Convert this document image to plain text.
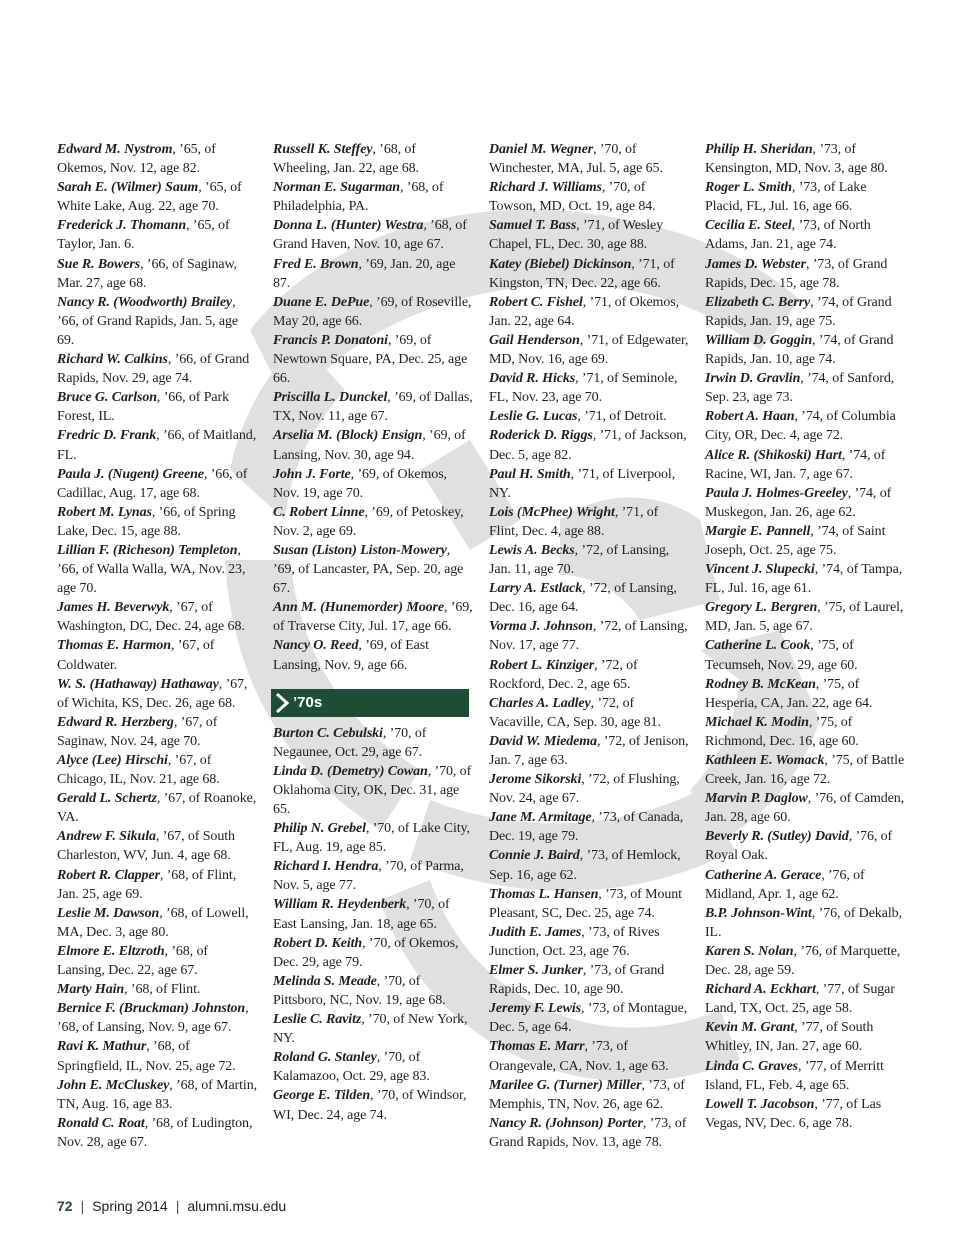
Edward M. Nystrom, ’65, of Okemos, Nov. 12, age 82.
Sarah E. (Wilmer) Saum, ’65, of White Lake, Aug. 22, age 70.
Frederick J. Thomann, ’65, of Taylor, Jan. 6.
Sue R. Bowers, ’66, of Saginaw, Mar. 27, age 68.
Nancy R. (Woodworth) Brailey, ’66, of Grand Rapids, Jan. 5, age 69.
Richard W. Calkins, ’66, of Grand Rapids, Nov. 29, age 74.
Bruce G. Carlson, ’66, of Park Forest, IL.
Fredric D. Frank, ’66, of Maitland, FL.
Paula J. (Nugent) Greene, ’66, of Cadillac, Aug. 17, age 68.
Robert M. Lynas, ’66, of Spring Lake, Dec. 15, age 88.
Lillian F. (Richeson) Templeton, ’66, of Walla Walla, WA, Nov. 23, age 70.
James H. Beverwyk, ’67, of Washington, DC, Dec. 24, age 68.
Thomas E. Harmon, ’67, of Coldwater.
W. S. (Hathaway) Hathaway, ’67, of Wichita, KS, Dec. 26, age 68.
Edward R. Herzberg, ’67, of Saginaw, Nov. 24, age 70.
Alyce (Lee) Hirschi, ’67, of Chicago, IL, Nov. 21, age 68.
Gerald L. Schertz, ’67, of Roanoke, VA.
Andrew F. Sikula, ’67, of South Charleston, WV, Jun. 4, age 68.
Robert R. Clapper, ’68, of Flint, Jan. 25, age 69.
Leslie M. Dawson, ’68, of Lowell, MA, Dec. 3, age 80.
Elmore E. Eltzroth, ’68, of Lansing, Dec. 22, age 67.
Marty Hain, ’68, of Flint.
Bernice F. (Bruckman) Johnston, ’68, of Lansing, Nov. 9, age 67.
Ravi K. Mathur, ’68, of Springfield, IL, Nov. 25, age 72.
John E. McCluskey, ’68, of Martin, TN, Aug. 16, age 83.
Ronald C. Roat, ’68, of Ludington, Nov. 28, age 67.
Russell K. Steffey, ’68, of Wheeling, Jan. 22, age 68.
Norman E. Sugarman, ’68, of Philadelphia, PA.
Donna L. (Hunter) Westra, ’68, of Grand Haven, Nov. 10, age 67.
Fred E. Brown, ’69, Jan. 20, age 87.
Duane E. DePue, ’69, of Roseville, May 20, age 66.
Francis P. Donatoni, ’69, of Newtown Square, PA, Dec. 25, age 66.
Priscilla L. Dunckel, ’69, of Dallas, TX, Nov. 11, age 67.
Arselia M. (Block) Ensign, ’69, of Lansing, Nov. 30, age 94.
John J. Forte, ’69, of Okemos, Nov. 19, age 70.
C. Robert Linne, ’69, of Petoskey, Nov. 2, age 69.
Susan (Liston) Liston-Mowery, ’69, of Lancaster, PA, Sep. 20, age 67.
Ann M. (Hunemorder) Moore, ’69, of Traverse City, Jul. 17, age 66.
Nancy O. Reed, ’69, of East Lansing, Nov. 9, age 66.
’70s
Burton C. Cebulski, ’70, of Negaunee, Oct. 29, age 67.
Linda D. (Demetry) Cowan, ’70, of Oklahoma City, OK, Dec. 31, age 65.
Philip N. Grebel, ’70, of Lake City, FL, Aug. 19, age 85.
Richard I. Hendra, ’70, of Parma, Nov. 5, age 77.
William R. Heydenberk, ’70, of East Lansing, Jan. 18, age 65.
Robert D. Keith, ’70, of Okemos, Dec. 29, age 79.
Melinda S. Meade, ’70, of Pittsboro, NC, Nov. 19, age 68.
Leslie C. Ravitz, ’70, of New York, NY.
Roland G. Stanley, ’70, of Kalamazoo, Oct. 29, age 83.
George E. Tilden, ’70, of Windsor, WI, Dec. 24, age 74.
Daniel M. Wegner, ’70, of Winchester, MA, Jul. 5, age 65.
Richard J. Williams, ’70, of Towson, MD, Oct. 19, age 84.
Samuel T. Bass, ’71, of Wesley Chapel, FL, Dec. 30, age 88.
Katey (Biebel) Dickinson, ’71, of Kingston, TN, Dec. 22, age 66.
Robert C. Fishel, ’71, of Okemos, Jan. 22, age 64.
Gail Henderson, ’71, of Edgewater, MD, Nov. 16, age 69.
David R. Hicks, ’71, of Seminole, FL, Nov. 23, age 70.
Leslie G. Lucas, ’71, of Detroit.
Roderick D. Riggs, ’71, of Jackson, Dec. 5, age 82.
Paul H. Smith, ’71, of Liverpool, NY.
Lois (McPhee) Wright, ’71, of Flint, Dec. 4, age 88.
Lewis A. Becks, ’72, of Lansing, Jan. 11, age 70.
Larry A. Estlack, ’72, of Lansing, Dec. 16, age 64.
Vorma J. Johnson, ’72, of Lansing, Nov. 17, age 77.
Robert L. Kinziger, ’72, of Rockford, Dec. 2, age 65.
Charles A. Ladley, ’72, of Vacaville, CA, Sep. 30, age 81.
David W. Miedema, ’72, of Jenison, Jan. 7, age 63.
Jerome Sikorski, ’72, of Flushing, Nov. 24, age 67.
Jane M. Armitage, ’73, of Canada, Dec. 19, age 79.
Connie J. Baird, ’73, of Hemlock, Sep. 16, age 62.
Thomas L. Hansen, ’73, of Mount Pleasant, SC, Dec. 25, age 74.
Judith E. James, ’73, of Rives Junction, Oct. 23, age 76.
Elmer S. Junker, ’73, of Grand Rapids, Dec. 10, age 90.
Jeremy F. Lewis, ’73, of Montague, Dec. 5, age 64.
Thomas E. Marr, ’73, of Orangevale, CA, Nov. 1, age 63.
Marilee G. (Turner) Miller, ’73, of Memphis, TN, Nov. 26, age 62.
Nancy R. (Johnson) Porter, ’73, of Grand Rapids, Nov. 13, age 78.
Philip H. Sheridan, ’73, of Kensington, MD, Nov. 3, age 80.
Roger L. Smith, ’73, of Lake Placid, FL, Jul. 16, age 66.
Cecilia E. Steel, ’73, of North Adams, Jan. 21, age 74.
James D. Webster, ’73, of Grand Rapids, Dec. 15, age 78.
Elizabeth C. Berry, ’74, of Grand Rapids, Jan. 19, age 75.
William D. Goggin, ’74, of Grand Rapids, Jan. 10, age 74.
Irwin D. Gravlin, ’74, of Sanford, Sep. 23, age 73.
Robert A. Haan, ’74, of Columbia City, OR, Dec. 4, age 72.
Alice R. (Shikoski) Hart, ’74, of Racine, WI, Jan. 7, age 67.
Paula J. Holmes-Greeley, ’74, of Muskegon, Jan. 26, age 62.
Margie E. Pannell, ’74, of Saint Joseph, Oct. 25, age 75.
Vincent J. Slupecki, ’74, of Tampa, FL, Jul. 16, age 61.
Gregory L. Bergren, ’75, of Laurel, MD, Jan. 5, age 67.
Catherine L. Cook, ’75, of Tecumseh, Nov. 29, age 60.
Rodney B. McKean, ’75, of Hesperia, CA, Jan. 22, age 64.
Michael K. Modin, ’75, of Richmond, Dec. 16, age 60.
Kathleen E. Womack, ’75, of Battle Creek, Jan. 16, age 72.
Marvin P. Daglow, ’76, of Camden, Jan. 28, age 60.
Beverly R. (Sutley) David, ’76, of Royal Oak.
Catherine A. Gerace, ’76, of Midland, Apr. 1, age 62.
B.P. Johnson-Wint, ’76, of Dekalb, IL.
Karen S. Nolan, ’76, of Marquette, Dec. 28, age 59.
Richard A. Eckhart, ’77, of Sugar Land, TX, Oct. 25, age 58.
Kevin M. Grant, ’77, of South Whitley, IN, Jan. 27, age 60.
Linda C. Graves, ’77, of Merritt Island, FL, Feb. 4, age 65.
Lowell T. Jacobson, ’77, of Las Vegas, NV, Dec. 6, age 78.
72 | Spring 2014 | alumni.msu.edu
